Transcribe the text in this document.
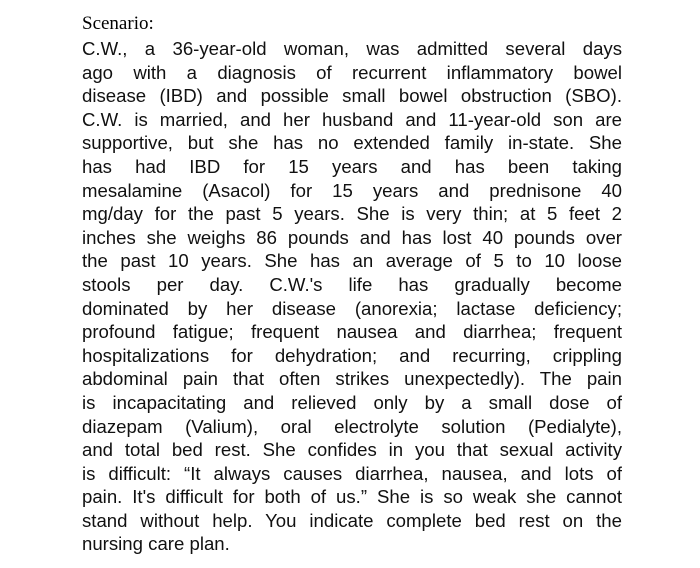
Scenario:
C.W., a 36-year-old woman, was admitted several days
ago with a diagnosis of recurrent inflammatory bowel
disease (IBD) and possible small bowel obstruction (SBO).
C.W. is married, and her husband and 11-year-old son are
supportive, but she has no extended family in-state. She
has had IBD for 15 years and has been taking
mesalamine (Asacol) for 15 years and prednisone 40
mg/day for the past 5 years. She is very thin; at 5 feet 2
inches she weighs 86 pounds and has lost 40 pounds over
the past 10 years. She has an average of 5 to 10 loose
stools per day. C.W.'s life has gradually become
dominated by her disease (anorexia; lactase deficiency;
profound fatigue; frequent nausea and diarrhea; frequent
hospitalizations for dehydration; and recurring, crippling
abdominal pain that often strikes unexpectedly). The pain
is incapacitating and relieved only by a small dose of
diazepam (Valium), oral electrolyte solution (Pedialyte),
and total bed rest. She confides in you that sexual activity
is difficult: “It always causes diarrhea, nausea, and lots of
pain. It's difficult for both of us.” She is so weak she cannot
stand without help. You indicate complete bed rest on the
nursing care plan.
